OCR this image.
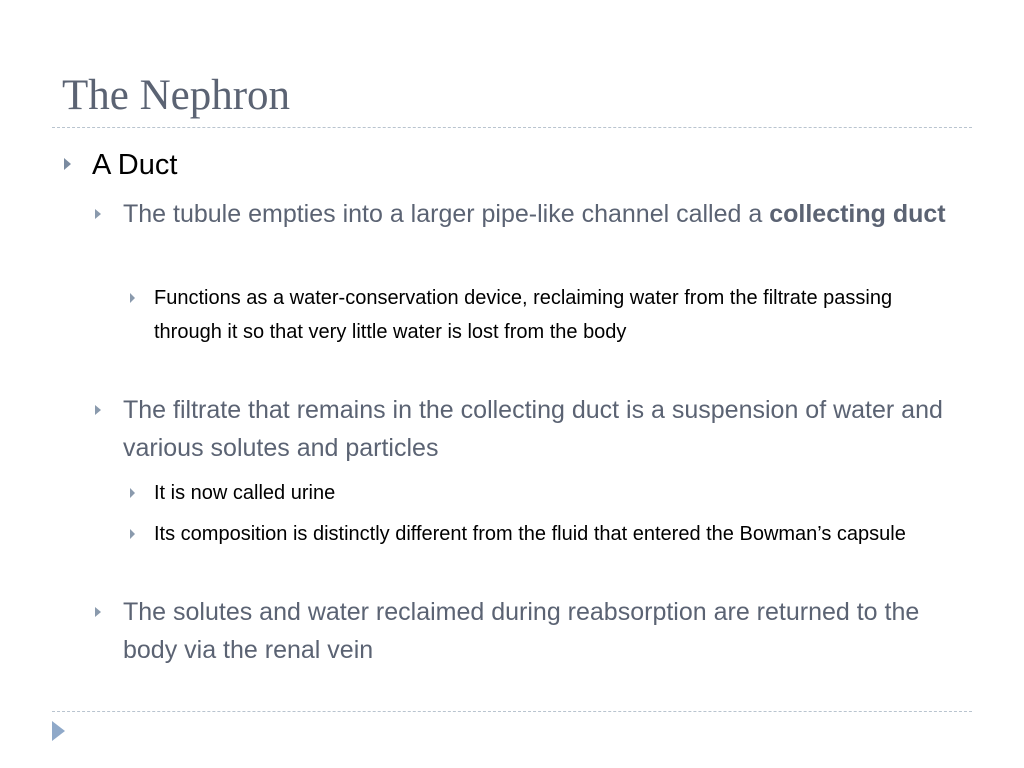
The Nephron

A Duct

The tubule empties into a larger pipe-like channel called a collecting duct

Functions as a water-conservation device, reclaiming water from the filtrate passing through it so that very little water is lost from the body

The filtrate that remains in the collecting duct is a suspension of water and various solutes and particles

It is now called urine

Its composition is distinctly different from the fluid that entered the Bowman’s capsule

The solutes and water reclaimed during reabsorption are returned to the body via the renal vein
